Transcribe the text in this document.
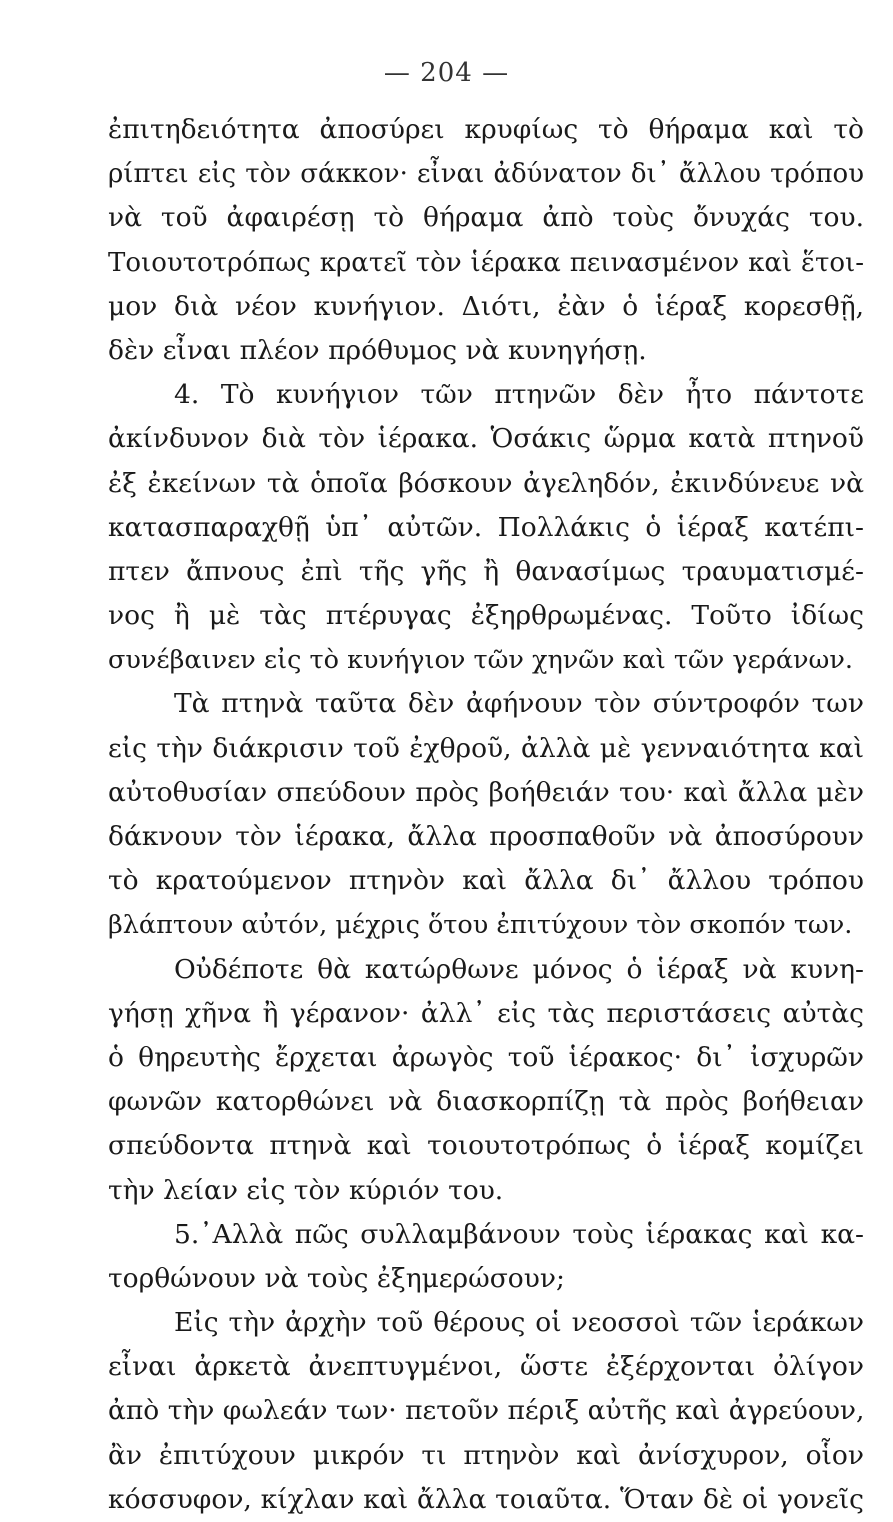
— 204 —
ἐπιτηδειότητα ἀποσύρει κρυφίως τὸ θήραμα καὶ τὸ
ρίπτει εἰς τὸν σάκκον· εἶναι ἀδύνατον δι᾽ ἄλλου τρόπου
νὰ τοῦ ἀφαιρέσῃ τὸ θήραμα ἀπὸ τοὺς ὄνυχάς του.
Τοιουτοτρόπως κρατεῖ τὸν ἱέρακα πεινασμένον καὶ ἕτοι-
μον διὰ νέον κυνήγιον. Διότι, ἐὰν ὁ ἱέραξ κορεσθῇ,
δὲν εἶναι πλέον πρόθυμος νὰ κυνηγήσῃ.
4. Τὸ κυνήγιον τῶν πτηνῶν δὲν ἦτο πάντοτε
ἀκίνδυνον διὰ τὸν ἱέρακα. Ὁσάκις ὥρμα κατὰ πτηνοῦ
ἐξ ἐκείνων τὰ ὁποῖα βόσκουν ἀγεληδόν, ἐκινδύνευε νὰ
κατασπαραχθῇ ὑπ᾽ αὐτῶν. Πολλάκις ὁ ἱέραξ κατέπι-
πτεν ἄπνους ἐπὶ τῆς γῆς ἢ θανασίμως τραυματισμέ-
νος ἢ μὲ τὰς πτέρυγας ἐξηρθρωμένας. Τοῦτο ἰδίως
συνέβαινεν εἰς τὸ κυνήγιον τῶν χηνῶν καὶ τῶν γεράνων.
Τὰ πτηνὰ ταῦτα δὲν ἀφήνουν τὸν σύντροφόν των
εἰς τὴν διάκρισιν τοῦ ἐχθροῦ, ἀλλὰ μὲ γενναιότητα καὶ
αὐτοθυσίαν σπεύδουν πρὸς βοήθειάν του· καὶ ἄλλα μὲν
δάκνουν τὸν ἱέρακα, ἄλλα προσπαθοῦν νὰ ἀποσύρουν
τὸ κρατούμενον πτηνὸν καὶ ἄλλα δι᾽ ἄλλου τρόπου
βλάπτουν αὐτόν, μέχρις ὅτου ἐπιτύχουν τὸν σκοπόν των.
Οὐδέποτε θὰ κατώρθωνε μόνος ὁ ἱέραξ νὰ κυνη-
γήσῃ χῆνα ἢ γέρανον· ἀλλ᾽ εἰς τὰς περιστάσεις αὐτὰς
ὁ θηρευτὴς ἔρχεται ἀρωγὸς τοῦ ἱέρακος· δι᾽ ἰσχυρῶν
φωνῶν κατορθώνει νὰ διασκορπίζῃ τὰ πρὸς βοήθειαν
σπεύδοντα πτηνὰ καὶ τοιουτοτρόπως ὁ ἱέραξ κομίζει
τὴν λείαν εἰς τὸν κύριόν του.
5.᾽Αλλὰ πῶς συλλαμβάνουν τοὺς ἱέρακας καὶ κα-
τορθώνουν νὰ τοὺς ἐξημερώσουν;
Εἰς τὴν ἀρχὴν τοῦ θέρους οἱ νεοσσοὶ τῶν ἱεράκων
εἶναι ἀρκετὰ ἀνεπτυγμένοι, ὥστε ἐξέρχονται ὀλίγον
ἀπὸ τὴν φωλεάν των· πετοῦν πέριξ αὐτῆς καὶ ἀγρεύουν,
ἂν ἐπιτύχουν μικρόν τι πτηνὸν καὶ ἀνίσχυρον, οἷον
κόσσυφον, κίχλαν καὶ ἄλλα τοιαῦτα. Ὅταν δὲ οἱ γονεῖς
